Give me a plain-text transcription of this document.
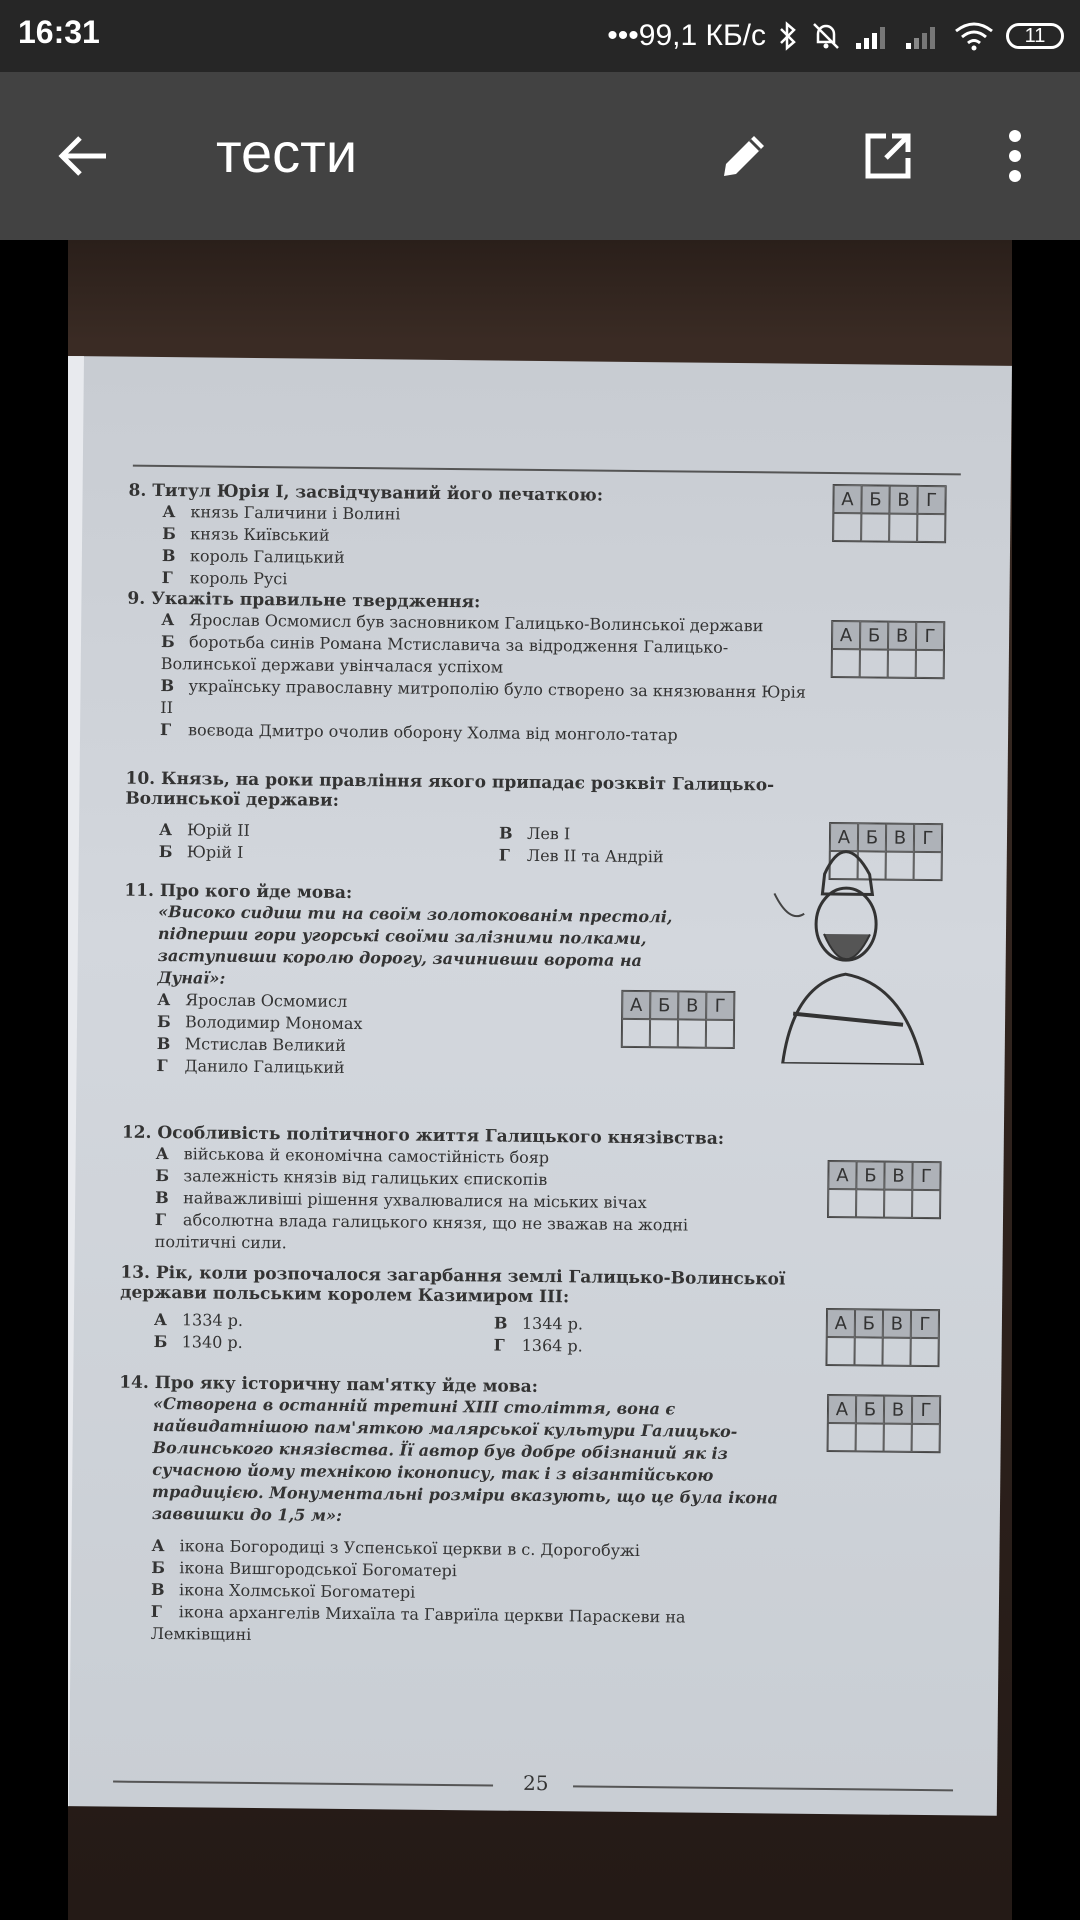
16:31	•••99,1 КБ/с	11
тести
8. Титул Юрія І, засвідчуваний його печаткою:
А князь Галичини і Волині
Б князь Київський
В король Галицький
Г король Русі
А Б В Г
9. Укажіть правильне твердження:
А Ярослав Осмомисл був засновником Галицько-Волинської держави
Б боротьба синів Романа Мстиславича за відродження Галицько-Волинської держави увінчалася успіхом
В українську православну митрополію було створено за князювання Юрія ІІ
Г воєвода Дмитро очолив оборону Холма від монголо-татар
А Б В Г
10. Князь, на роки правління якого припадає розквіт Галицько-Волинської держави:
А Юрій ІІ
Б Юрій І
В Лев І
Г Лев ІІ та Андрій
А Б В Г
11. Про кого йде мова:
«Високо сидиш ти на своїм золотокованім престолі, підперши гори угорські своїми залізними полками, заступивши королю дорогу, зачинивши ворота на Дунаї»:
А Ярослав Осмомисл
Б Володимир Мономах
В Мстислав Великий
Г Данило Галицький
А Б В Г
12. Особливість політичного життя Галицького князівства:
А військова й економічна самостійність бояр
Б залежність князів від галицьких єпископів
В найважливіші рішення ухвалювалися на міських вічах
Г абсолютна влада галицького князя, що не зважав на жодні політичні сили.
А Б В Г
13. Рік, коли розпочалося загарбання землі Галицько-Волинської держави польським королем Казимиром ІІІ:
А 1334 р.
Б 1340 р.
В 1344 р.
Г 1364 р.
А Б В Г
14. Про яку історичну пам'ятку йде мова:
«Створена в останній третині ХІІІ століття, вона є найвидатнішою пам'яткою малярської культури Галицько-Волинського князівства. Її автор був добре обізнаний як із сучасною йому технікою іконопису, так і з візантійською традицією. Монументальні розміри вказують, що це була ікона заввишки до 1,5 м»:
А ікона Богородиці з Успенської церкви в с. Дорогобужі
Б ікона Вишгородської Богоматері
В ікона Холмської Богоматері
Г ікона архангелів Михаїла та Гавриїла церкви Параскеви на Лемківщині
А Б В Г
25
